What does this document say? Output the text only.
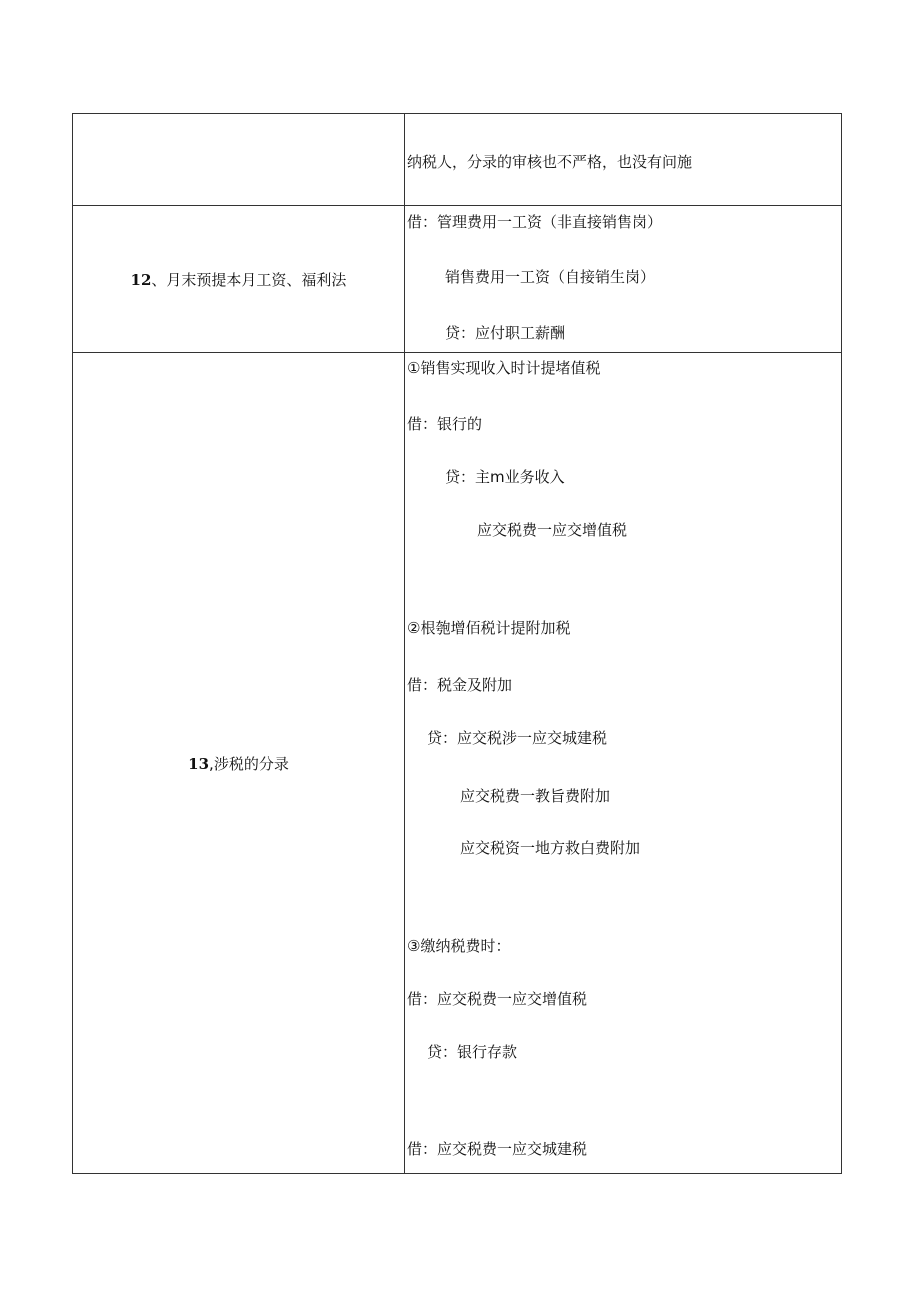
纳税人，分录的审核也不严格，也没有问施
12、月末预提本月工资、福利法
借：管理费用一工资（非直接销售岗）
销售费用一工资（自接销生岗）
贷：应付职工薪酬
13,涉税的分录
①销售实现收入时计提堵值税
借：银行的
贷：主m业务收入
应交税费一应交增值税
②根匏增佰税计提附加税
借：税金及附加
贷：应交税涉一应交城建税
应交税费一教旨费附加
应交税资一地方救白费附加
③缴纳税费时：
借：应交税费一应交增值税
贷：银行存款
借：应交税费一应交城建税
